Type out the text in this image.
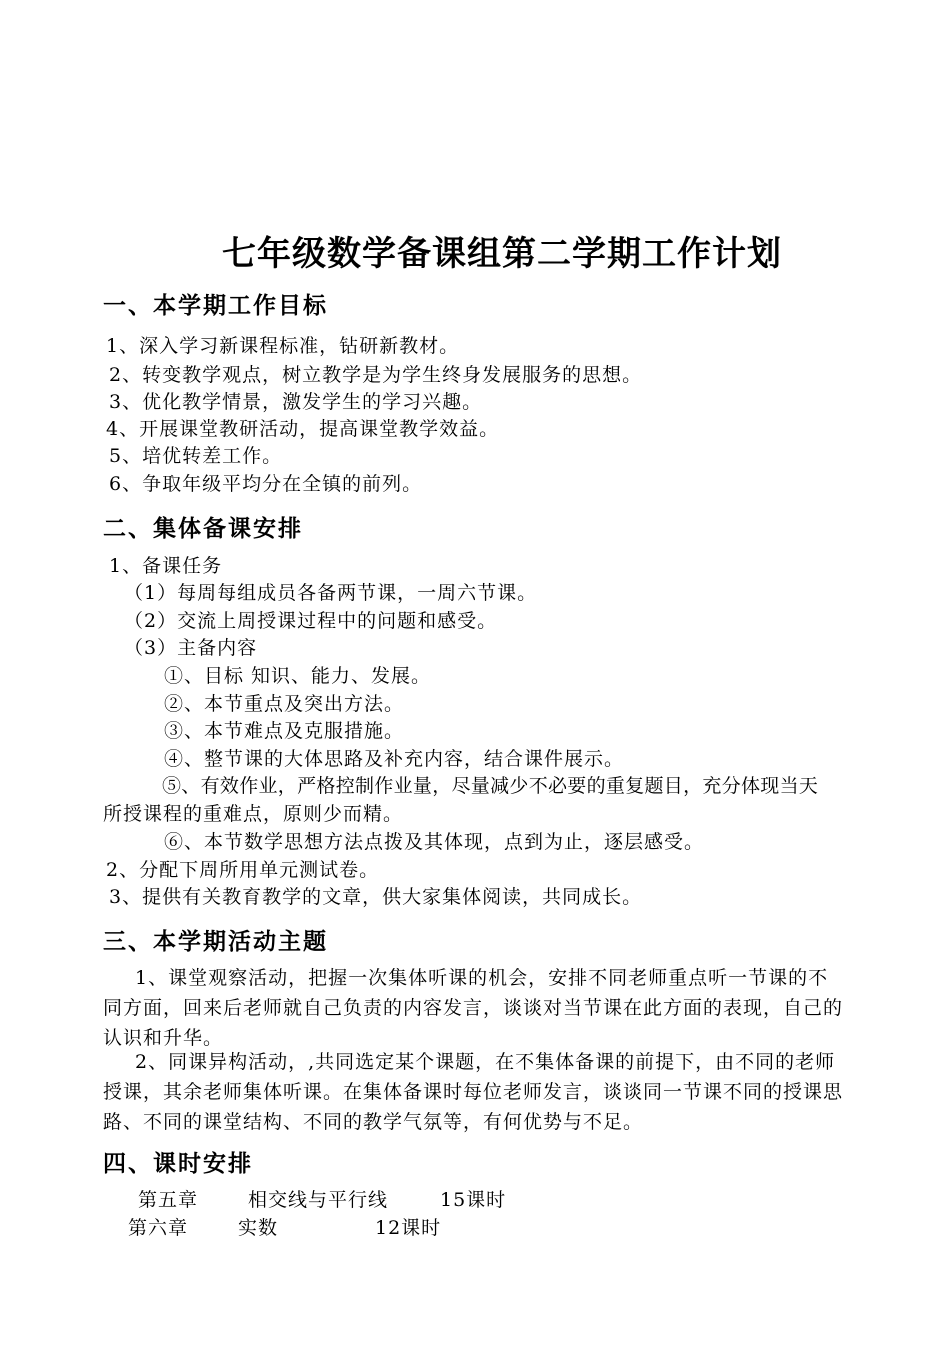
七年级数学备课组第二学期工作计划
一、本学期工作目标
1、深入学习新课程标准，钻研新教材。
2、转变教学观点，树立教学是为学生终身发展服务的思想。
3、优化教学情景，激发学生的学习兴趣。
4、开展课堂教研活动，提高课堂教学效益。
5、培优转差工作。
6、争取年级平均分在全镇的前列。
二、集体备课安排
1、备课任务
（1）每周每组成员各备两节课，一周六节课。
（2）交流上周授课过程中的问题和感受。
（3）主备内容
①、目标 知识、能力、发展。
②、本节重点及突出方法。
③、本节难点及克服措施。
④、整节课的大体思路及补充内容，结合课件展示。
⑤、有效作业，严格控制作业量，尽量减少不必要的重复题目，充分体现当天
所授课程的重难点，原则少而精。
⑥、本节数学思想方法点拨及其体现，点到为止，逐层感受。
2、分配下周所用单元测试卷。
3、提供有关教育教学的文章，供大家集体阅读，共同成长。
三、本学期活动主题
1、课堂观察活动，把握一次集体听课的机会，安排不同老师重点听一节课的不同方面，回来后老师就自己负责的内容发言，谈谈对当节课在此方面的表现，自己的认识和升华。
2、同课异构活动，,共同选定某个课题，在不集体备课的前提下，由不同的老师授课，其余老师集体听课。在集体备课时每位老师发言，谈谈同一节课不同的授课思路、不同的课堂结构、不同的教学气氛等，有何优势与不足。
四、课时安排
第五章	相交线与平行线	15课时
第六章	实数	12课时
